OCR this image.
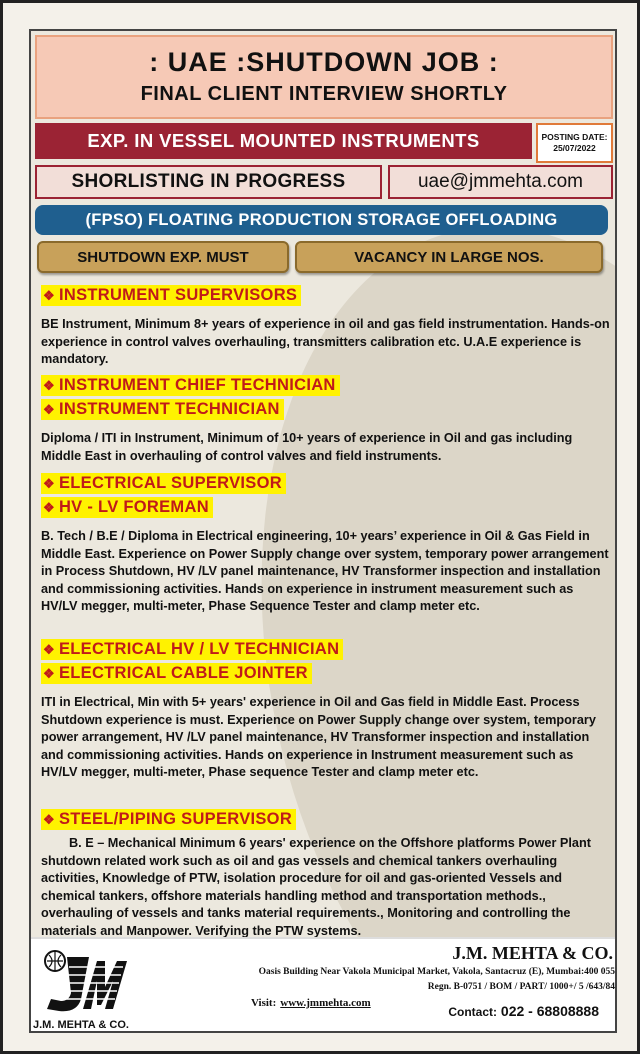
: UAE :SHUTDOWN JOB :
FINAL CLIENT INTERVIEW SHORTLY
EXP. IN VESSEL MOUNTED INSTRUMENTS	POSTING DATE:
25/07/2022
SHORLISTING IN PROGRESS	uae@jmmehta.com
(FPSO) FLOATING PRODUCTION STORAGE OFFLOADING
SHUTDOWN EXP. MUST	VACANCY IN LARGE NOS.
❖ INSTRUMENT SUPERVISORS
BE Instrument, Minimum 8+ years of experience in oil and gas field instrumentation. Hands-on experience in control valves overhauling, transmitters calibration etc. U.A.E experience is mandatory.
❖ INSTRUMENT CHIEF TECHNICIAN
❖ INSTRUMENT TECHNICIAN
Diploma / ITI in Instrument, Minimum of 10+ years of experience in Oil and gas including Middle East in overhauling of control valves and field instruments.
❖ ELECTRICAL SUPERVISOR
❖ HV - LV FOREMAN
B. Tech / B.E / Diploma in Electrical engineering, 10+ years’ experience in Oil & Gas Field in Middle East. Experience on Power Supply change over system, temporary power arrangement in Process Shutdown, HV /LV panel maintenance, HV Transformer inspection and installation and commissioning activities. Hands on experience in instrument measurement such as HV/LV megger, multi-meter, Phase Sequence Tester and clamp meter etc.
❖ ELECTRICAL HV / LV TECHNICIAN
❖ ELECTRICAL CABLE JOINTER
ITI in Electrical, Min with 5+ years' experience in Oil and Gas field in Middle East. Process Shutdown experience is must. Experience on Power Supply change over system, temporary power arrangement, HV /LV panel maintenance, HV Transformer inspection and installation and commissioning activities. Hands on experience in Instrument measurement such as HV/LV megger, multi-meter, Phase sequence Tester and clamp meter etc.
❖ STEEL/PIPING SUPERVISOR
B. E – Mechanical Minimum 6 years' experience on the Offshore platforms Power Plant shutdown related work such as oil and gas vessels and chemical tankers overhauling activities, Knowledge of PTW, isolation procedure for oil and gas-oriented Vessels and chemical tankers, offshore materials handling method and transportation methods., overhauling of vessels and tanks material requirements., Monitoring and controlling the materials and Manpower. Verifying the PTW systems.
J.M. MEHTA & CO.
J.M. MEHTA & CO.
Oasis Building Near Vakola Municipal Market, Vakola, Santacruz (E), Mumbai:400 055
Regn. B-0751 / BOM / PART/ 1000+/ 5 /643/84
Visit: www.jmmehta.com
Contact: 022 - 68808888
